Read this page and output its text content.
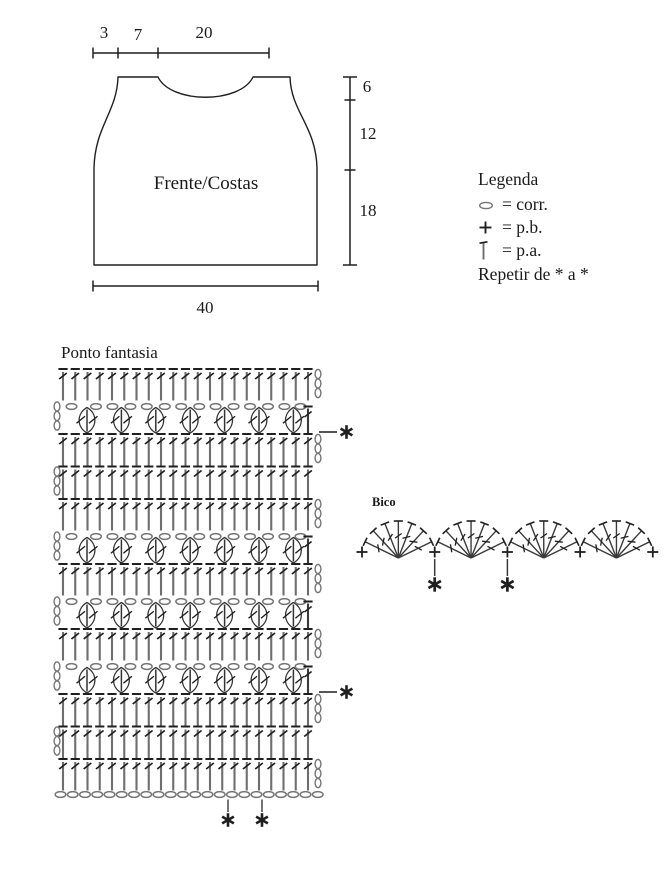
3 7	20
6
12
18
40
Frente/Costas	Legenda
= corr.
= p.b.
= p.a.
Repetir de * a *
Ponto fantasia
Bico
